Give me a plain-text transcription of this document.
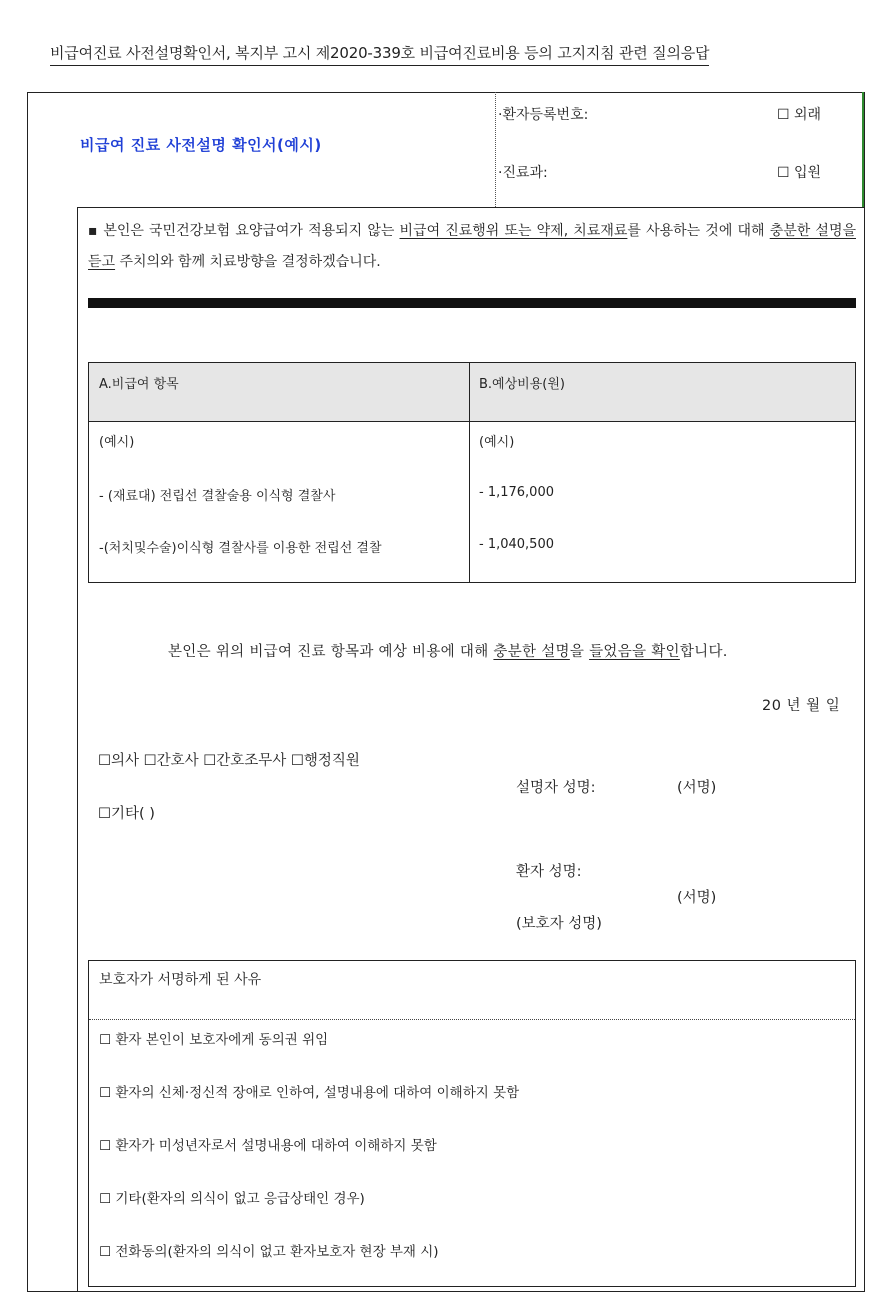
비급여진료 사전설명확인서, 복지부 고시 제2020-339호 비급여진료비용 등의 고지지침 관련 질의응답
비급여 진료 사전설명 확인서(예시)
·환자등록번호:	☐ 외래
·진료과:	☐ 입원
▪ 본인은 국민건강보험 요양급여가 적용되지 않는 비급여 진료행위 또는 약제, 치료재료를 사용하는 것에 대해 충분한 설명을 듣고 주치의와 함께 치료방향을 결정하겠습니다.
A.비급여 항목	B.예상비용(원)
(예시)	(예시)
- (재료대) 전립선 결찰술용 이식형 결찰사	- 1,176,000
-(처치및수술)이식형 결찰사를 이용한 전립선 결찰	- 1,040,500
본인은 위의 비급여 진료 항목과 예상 비용에 대해 충분한 설명을 들었음을 확인합니다.
20 년 월 일
☐의사 ☐간호사 ☐간호조무사 ☐행정직원
☐기타( )
설명자 성명:	(서명)
환자 성명:
(서명)
(보호자 성명)
보호자가 서명하게 된 사유
☐ 환자 본인이 보호자에게 동의권 위임
☐ 환자의 신체·정신적 장애로 인하여, 설명내용에 대하여 이해하지 못함
☐ 환자가 미성년자로서 설명내용에 대하여 이해하지 못함
☐ 기타(환자의 의식이 없고 응급상태인 경우)
☐ 전화동의(환자의 의식이 없고 환자보호자 현장 부재 시)
